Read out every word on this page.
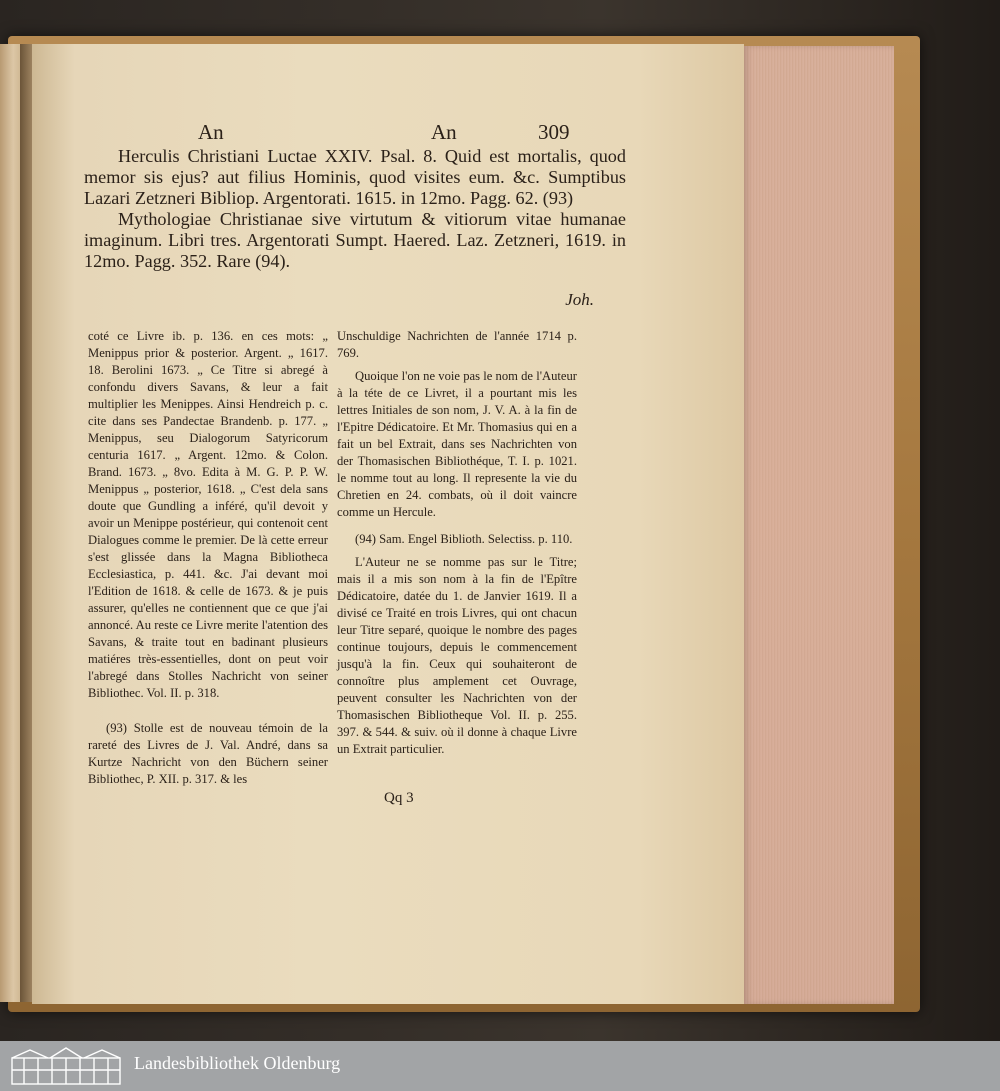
An	An	309

Herculis Christiani Luctae XXIV. Psal. 8. Quid est mortalis, quod memor sis ejus? aut filius Hominis, quod visites eum. &c. Sumptibus Lazari Zetzneri Bibliop. Argentorati. 1615. in 12mo. Pagg. 62. (93)

Mythologiae Christianae sive virtutum & vitiorum vitae humanae imaginum. Libri tres. Argentorati Sumpt. Haered. Laz. Zetzneri, 1619. in 12mo. Pagg. 352. Rare (94).

Joh.

coté ce Livre ib. p. 136. en ces mots: „ Menippus prior & posterior. Argent. „ 1617. 18. Berolini 1673. „ Ce Titre si abregé à confondu divers Savans, & leur a fait multiplier les Menippes. Ainsi Hendreich p. c. cite dans ses Pandectae Brandenb. p. 177. „ Menippus, seu Dialogorum Satyricorum centuria 1617. „ Argent. 12mo. & Colon. Brand. 1673. „ 8vo. Edita à M. G. P. P. W. Menippus „ posterior, 1618. „ C'est dela sans doute que Gundling a inféré, qu'il devoit y avoir un Menippe postérieur, qui contenoit cent Dialogues comme le premier. De là cette erreur s'est glissée dans la Magna Bibliotheca Ecclesiastica, p. 441. &c. J'ai devant moi l'Edition de 1618. & celle de 1673. & je puis assurer, qu'elles ne contiennent que ce que j'ai annoncé. Au reste ce Livre merite l'atention des Savans, & traite tout en badinant plusieurs matiéres très-essentielles, dont on peut voir l'abregé dans Stolles Nachricht von seiner Bibliothec. Vol. II. p. 318.

(93) Stolle est de nouveau témoin de la rareté des Livres de J. Val. André, dans sa Kurtze Nachricht von den Büchern seiner Bibliothec, P. XII. p. 317. & les

Unschuldige Nachrichten de l'année 1714 p. 769.

Quoique l'on ne voie pas le nom de l'Auteur à la téte de ce Livret, il a pourtant mis les lettres Initiales de son nom, J. V. A. à la fin de l'Epitre Dédicatoire. Et Mr. Thomasius qui en a fait un bel Extrait, dans ses Nachrichten von der Thomasischen Bibliothéque, T. I. p. 1021. le nomme tout au long. Il represente la vie du Chretien en 24. combats, où il doit vaincre comme un Hercule.

(94) Sam. Engel Biblioth. Selectiss. p. 110.

L'Auteur ne se nomme pas sur le Titre; mais il a mis son nom à la fin de l'Epître Dédicatoire, datée du 1. de Janvier 1619. Il a divisé ce Traité en trois Livres, qui ont chacun leur Titre separé, quoique le nombre des pages continue toujours, depuis le commencement jusqu'à la fin. Ceux qui souhaiteront de connoître plus amplement cet Ouvrage, peuvent consulter les Nachrichten von der Thomasischen Bibliotheque Vol. II. p. 255. 397. & 544. & suiv. où il donne à chaque Livre un Extrait particulier.

Qq 3
Landesbibliothek Oldenburg
